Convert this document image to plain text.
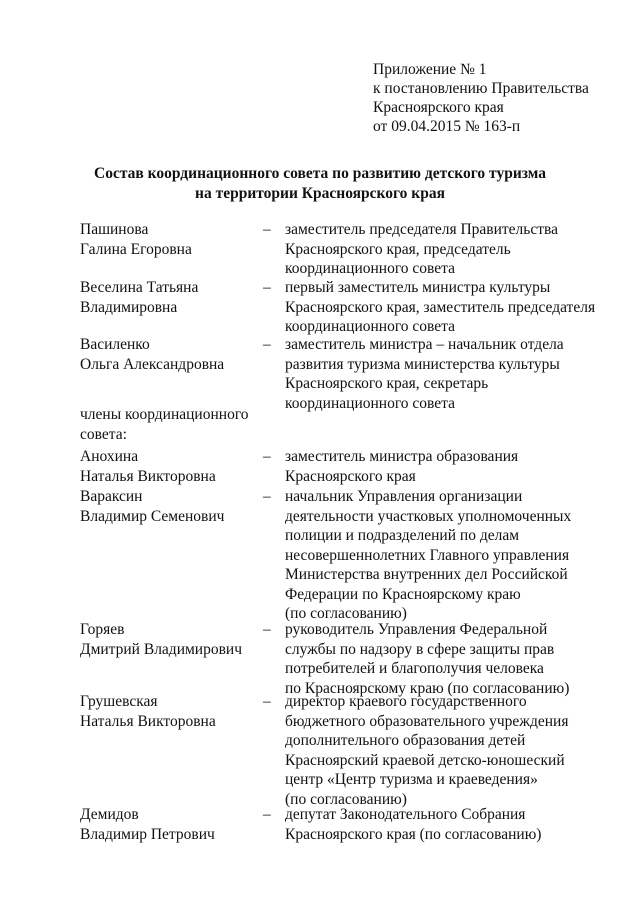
Приложение № 1
к постановлению Правительства
Красноярского края
от 09.04.2015 № 163-п
Состав координационного совета по развитию детского туризма
на территории Красноярского края
Пашинова
Галина Егоровна
– заместитель председателя Правительства
Красноярского края, председатель
координационного совета
Веселина Татьяна
Владимировна
– первый заместитель министра культуры
Красноярского края, заместитель председателя
координационного совета
Василенко
Ольга Александровна
– заместитель министра – начальник отдела
развития туризма министерства культуры
Красноярского края, секретарь
координационного совета
члены координационного
совета:
Анохина
Наталья Викторовна
– заместитель министра образования
Красноярского края
Вараксин
Владимир Семенович
– начальник Управления организации
деятельности участковых уполномоченных
полиции и подразделений по делам
несовершеннолетних Главного управления
Министерства внутренних дел Российской
Федерации по Красноярскому краю
(по согласованию)
Горяев
Дмитрий Владимирович
– руководитель Управления Федеральной
службы по надзору в сфере защиты прав
потребителей и благополучия человека
по Красноярскому краю (по согласованию)
Грушевская
Наталья Викторовна
– директор краевого государственного
бюджетного образовательного учреждения
дополнительного образования детей
Красноярский краевой детско-юношеский
центр «Центр туризма и краеведения»
(по согласованию)
Демидов
Владимир Петрович
– депутат Законодательного Собрания
Красноярского края (по согласованию)
